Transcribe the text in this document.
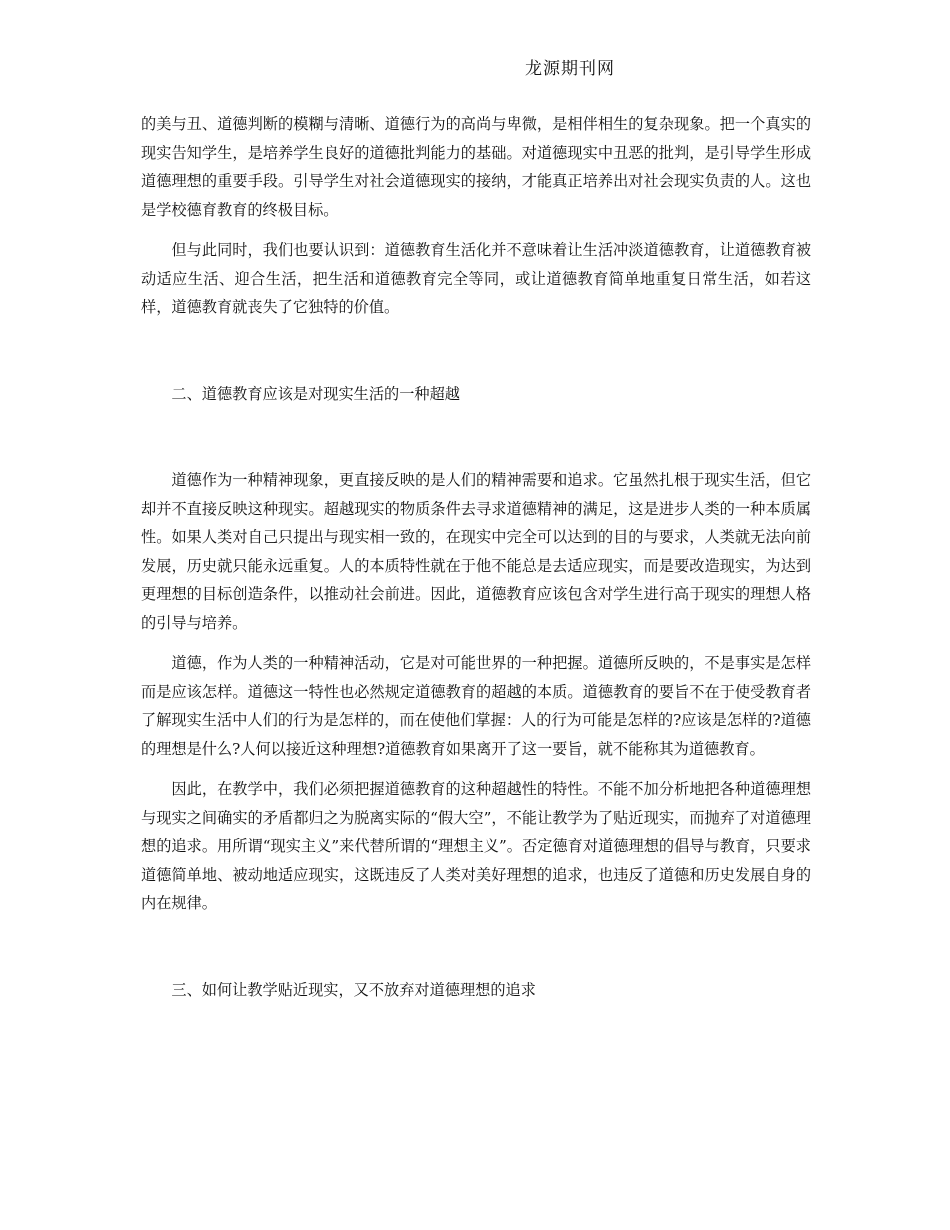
龙源期刊网

的美与丑、道德判断的模糊与清晰、道德行为的高尚与卑微，是相伴相生的复杂现象。把一个真实的现实告知学生，是培养学生良好的道德批判能力的基础。对道德现实中丑恶的批判，是引导学生形成道德理想的重要手段。引导学生对社会道德现实的接纳，才能真正培养出对社会现实负责的人。这也是学校德育教育的终极目标。

但与此同时，我们也要认识到：道德教育生活化并不意味着让生活冲淡道德教育，让道德教育被动适应生活、迎合生活，把生活和道德教育完全等同，或让道德教育简单地重复日常生活，如若这样，道德教育就丧失了它独特的价值。

二、道德教育应该是对现实生活的一种超越

道德作为一种精神现象，更直接反映的是人们的精神需要和追求。它虽然扎根于现实生活，但它却并不直接反映这种现实。超越现实的物质条件去寻求道德精神的满足，这是进步人类的一种本质属性。如果人类对自己只提出与现实相一致的，在现实中完全可以达到的目的与要求，人类就无法向前发展，历史就只能永远重复。人的本质特性就在于他不能总是去适应现实，而是要改造现实，为达到更理想的目标创造条件，以推动社会前进。因此，道德教育应该包含对学生进行高于现实的理想人格的引导与培养。

道德，作为人类的一种精神活动，它是对可能世界的一种把握。道德所反映的，不是事实是怎样而是应该怎样。道德这一特性也必然规定道德教育的超越的本质。道德教育的要旨不在于使受教育者了解现实生活中人们的行为是怎样的，而在使他们掌握：人的行为可能是怎样的?应该是怎样的?道德的理想是什么?人何以接近这种理想?道德教育如果离开了这一要旨，就不能称其为道德教育。

因此，在教学中，我们必须把握道德教育的这种超越性的特性。不能不加分析地把各种道德理想与现实之间确实的矛盾都归之为脱离实际的“假大空”，不能让教学为了贴近现实，而抛弃了对道德理想的追求。用所谓“现实主义”来代替所谓的“理想主义”。否定德育对道德理想的倡导与教育，只要求道德简单地、被动地适应现实，这既违反了人类对美好理想的追求，也违反了道德和历史发展自身的内在规律。

三、如何让教学贴近现实，又不放弃对道德理想的追求
